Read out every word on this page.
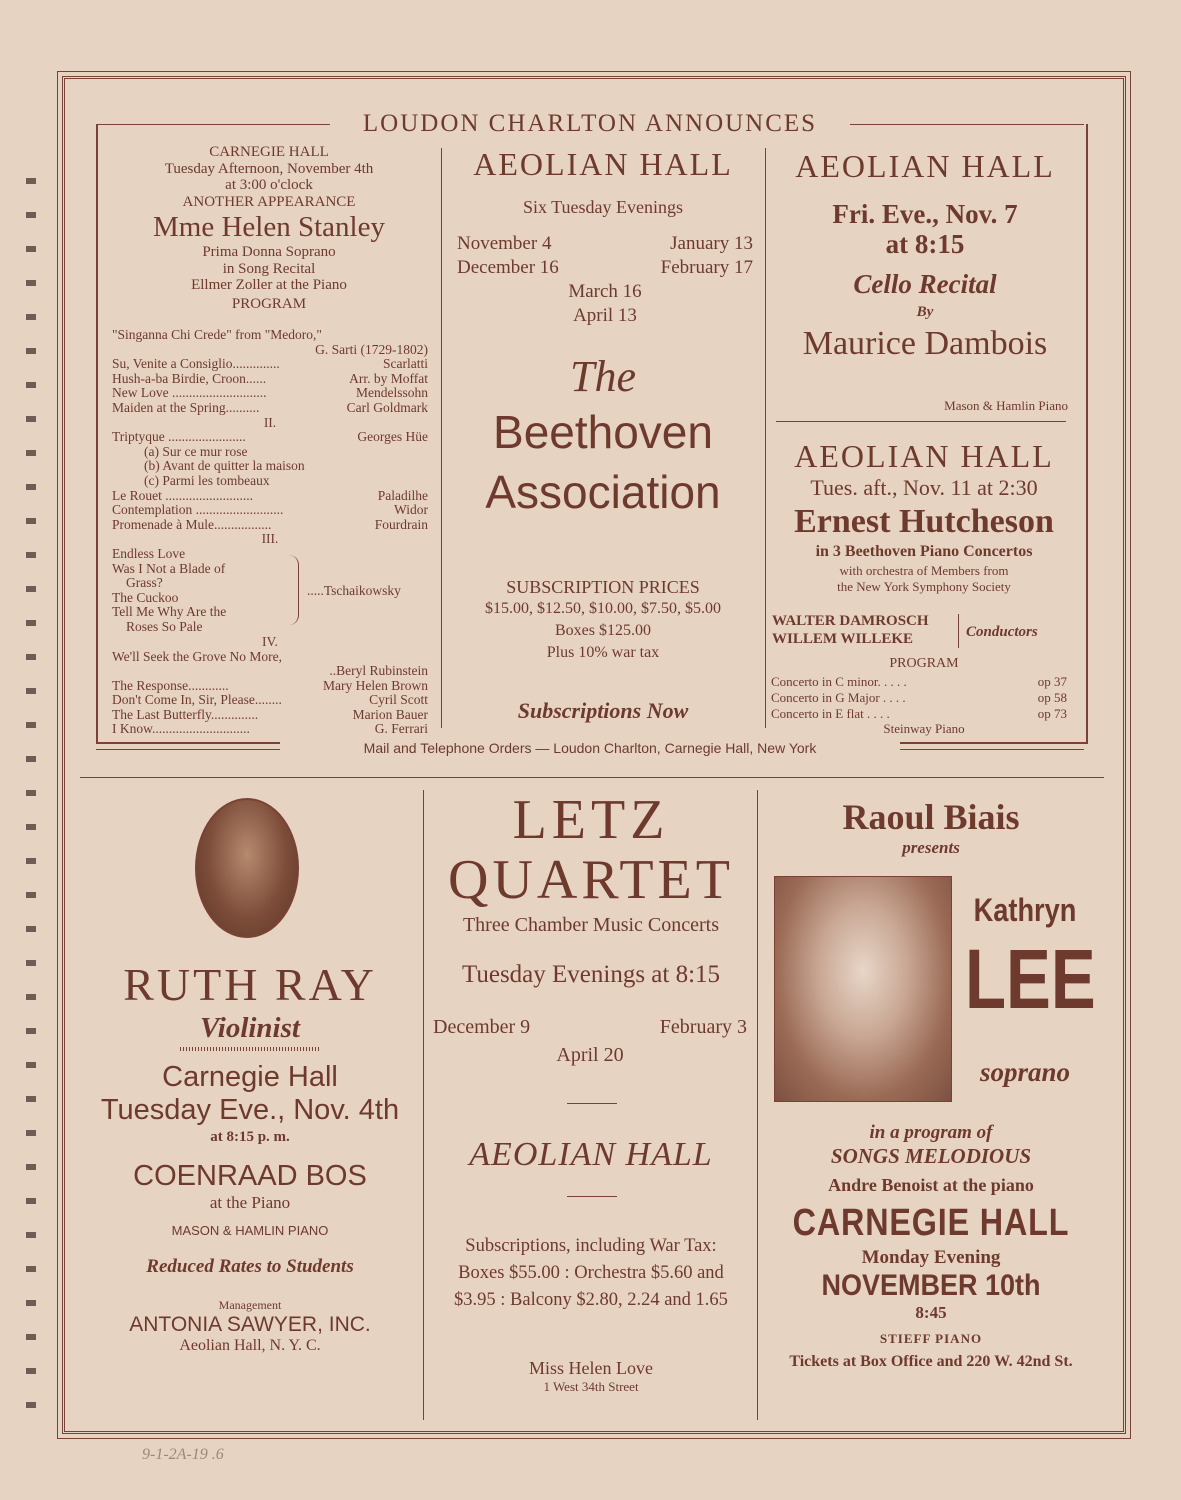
LOUDON CHARLTON ANNOUNCES
CARNEGIE HALL
Tuesday Afternoon, November 4th
at 3:00 o'clock
ANOTHER APPEARANCE
Mme Helen Stanley
Prima Donna Soprano
in Song Recital
Ellmer Zoller at the Piano
PROGRAM
"Singanna Chi Crede" from "Medoro,"
G. Sarti (1729-1802)
Su, Venite a Consiglio..............	Scarlatti
Hush-a-ba Birdie, Croon......	Arr. by Moffat
New Love ............................	Mendelssohn
Maiden at the Spring..........	Carl Goldmark
II.
Triptyque .......................	Georges Hüe
(a) Sur ce mur rose
(b) Avant de quitter la maison
(c) Parmi les tombeaux
Le Rouet ..........................	Paladilhe
Contemplation ..........................	Widor
Promenade à Mule.................	Fourdrain
III.
Endless Love
Was I Not a Blade of
Grass?
The Cuckoo
Tell Me Why Are the
Roses So Pale
.....Tschaikowsky
IV.
We'll Seek the Grove No More,
..Beryl Rubinstein
The Response............	Mary Helen Brown
Don't Come In, Sir, Please........	Cyril Scott
The Last Butterfly..............	Marion Bauer
I Know.............................	G. Ferrari
AEOLIAN HALL
Six Tuesday Evenings
November 4	January 13
December 16	February 17
March 16
April 13
The
Beethoven
Association
SUBSCRIPTION PRICES
$15.00, $12.50, $10.00, $7.50, $5.00
Boxes $125.00
Plus 10% war tax
Subscriptions Now
AEOLIAN HALL
Fri. Eve., Nov. 7
at 8:15
Cello Recital
By
Maurice Dambois
Mason & Hamlin Piano
AEOLIAN HALL
Tues. aft., Nov. 11 at 2:30
Ernest Hutcheson
in 3 Beethoven Piano Concertos
with orchestra of Members from
the New York Symphony Society
WALTER DAMROSCH
WILLEM WILLEKE	Conductors
PROGRAM
Concerto in C minor. . . . .	op 37
Concerto in G Major . . . .	op 58
Concerto in E flat . . . .	op 73
Steinway Piano
Mail and Telephone Orders — Loudon Charlton, Carnegie Hall, New York
RUTH RAY
Violinist
Carnegie Hall
Tuesday Eve., Nov. 4th
at 8:15 p. m.
COENRAAD BOS
at the Piano
MASON & HAMLIN PIANO
Reduced Rates to Students
Management
ANTONIA SAWYER, INC.
Aeolian Hall, N. Y. C.
LETZ
QUARTET
Three Chamber Music Concerts
Tuesday Evenings at 8:15
December 9	February 3
April 20
AEOLIAN HALL
Subscriptions, including War Tax:
Boxes $55.00 : Orchestra $5.60 and
$3.95 : Balcony $2.80, 2.24 and 1.65
Miss Helen Love
1 West 34th Street
Raoul Biais
presents
Kathryn
LEE
soprano
in a program of
SONGS MELODIOUS
Andre Benoist at the piano
CARNEGIE HALL
Monday Evening
NOVEMBER 10th
8:45
STIEFF PIANO
Tickets at Box Office and 220 W. 42nd St.
9-1-2A-19 .6
